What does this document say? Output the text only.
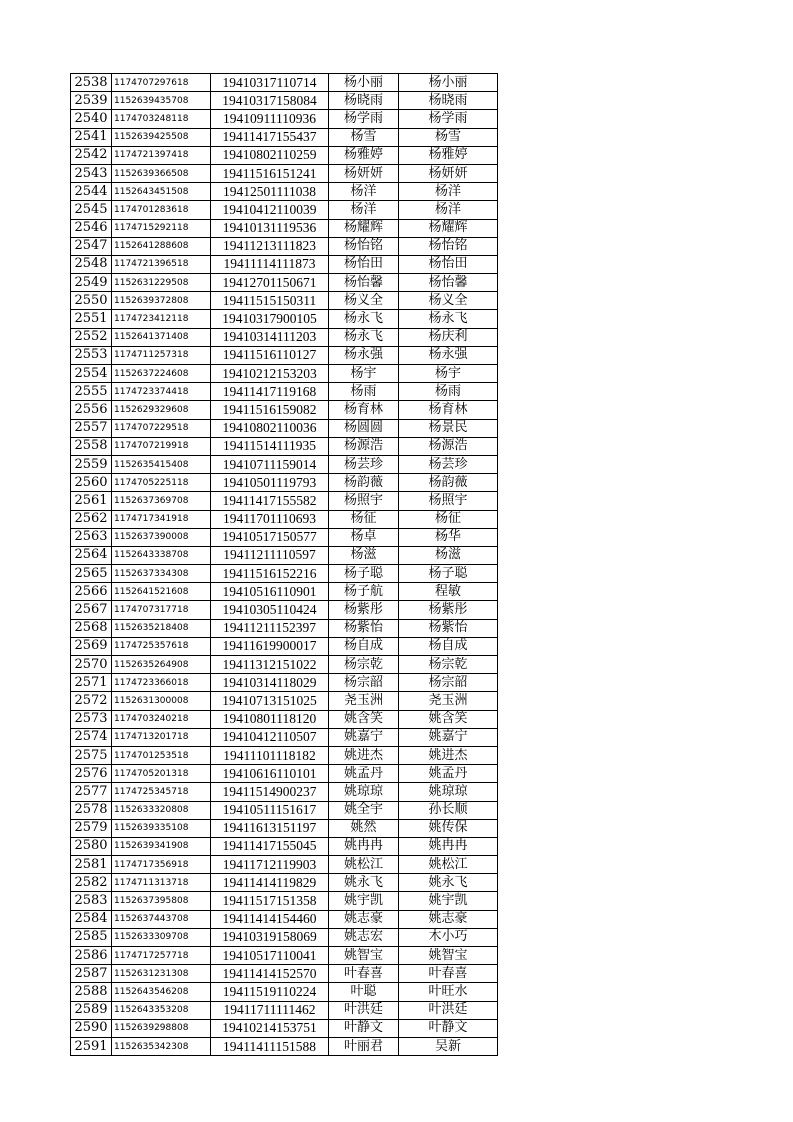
2538	1174707297618	19410317110714	杨小丽	杨小丽
2539	1152639435708	19410317158084	杨晓雨	杨晓雨
2540	1174703248118	19410911110936	杨学雨	杨学雨
2541	1152639425508	19411417155437	杨雪	杨雪
2542	1174721397418	19410802110259	杨雅婷	杨雅婷
2543	1152639366508	19411516151241	杨妍妍	杨妍妍
2544	1152643451508	19412501111038	杨洋	杨洋
2545	1174701283618	19410412110039	杨洋	杨洋
2546	1174715292118	19410131119536	杨耀辉	杨耀辉
2547	1152641288608	19411213111823	杨怡铭	杨怡铭
2548	1174721396518	19411114111873	杨怡田	杨怡田
2549	1152631229508	19412701150671	杨怡馨	杨怡馨
2550	1152639372808	19411515150311	杨义全	杨义全
2551	1174723412118	19410317900105	杨永飞	杨永飞
2552	1152641371408	19410314111203	杨永飞	杨庆利
2553	1174711257318	19411516110127	杨永强	杨永强
2554	1152637224608	19410212153203	杨宇	杨宇
2555	1174723374418	19411417119168	杨雨	杨雨
2556	1152629329608	19411516159082	杨育林	杨育林
2557	1174707229518	19410802110036	杨圆圆	杨景民
2558	1174707219918	19411514111935	杨源浩	杨源浩
2559	1152635415408	19410711159014	杨芸珍	杨芸珍
2560	1174705225118	19410501119793	杨韵薇	杨韵薇
2561	1152637369708	19411417155582	杨照宇	杨照宇
2562	1174717341918	19411701110693	杨征	杨征
2563	1152637390008	19410517150577	杨卓	杨华
2564	1152643338708	19411211110597	杨滋	杨滋
2565	1152637334308	19411516152216	杨子聪	杨子聪
2566	1152641521608	19410516110901	杨子航	程敏
2567	1174707317718	19410305110424	杨紫彤	杨紫彤
2568	1152635218408	19411211152397	杨紫怡	杨紫怡
2569	1174725357618	19411619900017	杨自成	杨自成
2570	1152635264908	19411312151022	杨宗乾	杨宗乾
2571	1174723366018	19410314118029	杨宗韶	杨宗韶
2572	1152631300008	19410713151025	尧玉洲	尧玉洲
2573	1174703240218	19410801118120	姚含笑	姚含笑
2574	1174713201718	19410412110507	姚嘉宁	姚嘉宁
2575	1174701253518	19411101118182	姚进杰	姚进杰
2576	1174705201318	19410616110101	姚孟丹	姚孟丹
2577	1174725345718	19411514900237	姚琼琼	姚琼琼
2578	1152633320808	19410511151617	姚全宇	孙长顺
2579	1152639335108	19411613151197	姚然	姚传保
2580	1152639341908	19411417155045	姚冉冉	姚冉冉
2581	1174717356918	19411712119903	姚松江	姚松江
2582	1174711313718	19411414119829	姚永飞	姚永飞
2583	1152637395808	19411517151358	姚宇凯	姚宇凯
2584	1152637443708	19411414154460	姚志豪	姚志豪
2585	1152633309708	19410319158069	姚志宏	木小巧
2586	1174717257718	19410517110041	姚智宝	姚智宝
2587	1152631231308	19411414152570	叶春喜	叶春喜
2588	1152643546208	19411519110224	叶聪	叶旺水
2589	1152643353208	19411711111462	叶洪廷	叶洪廷
2590	1152639298808	19410214153751	叶静文	叶静文
2591	1152635342308	19411411151588	叶丽君	吴新
